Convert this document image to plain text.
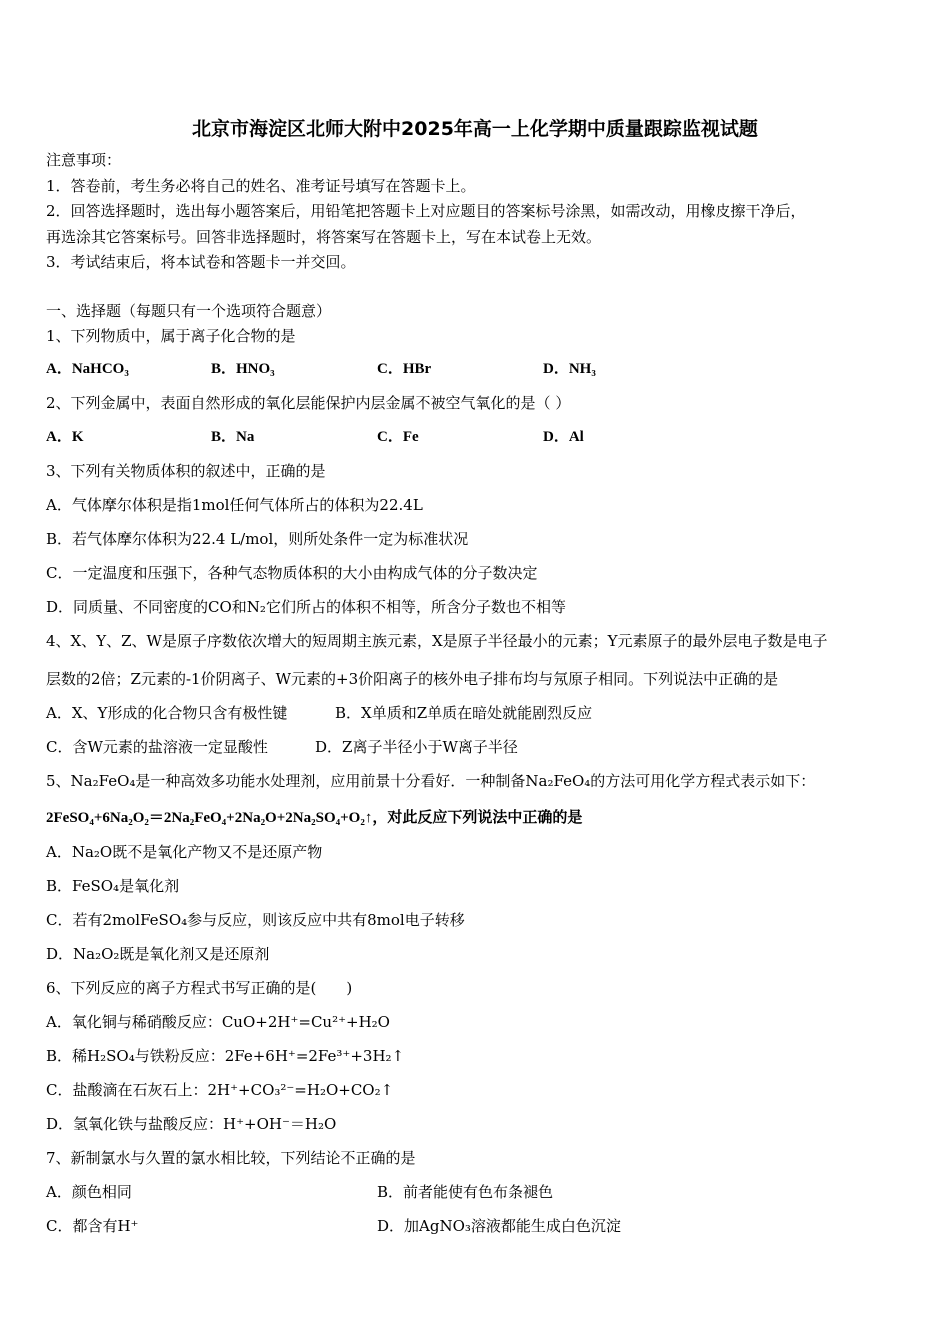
北京市海淀区北师大附中2025年高一上化学期中质量跟踪监视试题
注意事项：
1．答卷前，考生务必将自己的姓名、准考证号填写在答题卡上。
2．回答选择题时，选出每小题答案后，用铅笔把答题卡上对应题目的答案标号涂黑，如需改动，用橡皮擦干净后，
再选涂其它答案标号。回答非选择题时，将答案写在答题卡上，写在本试卷上无效。
3．考试结束后，将本试卷和答题卡一并交回。
一、选择题（每题只有一个选项符合题意）
1、下列物质中，属于离子化合物的是
A．NaHCO₃	B．HNO₃	C．HBr	D．NH₃
2、下列金属中，表面自然形成的氧化层能保护内层金属不被空气氧化的是（ ）
A．K	B．Na	C．Fe	D．Al
3、下列有关物质体积的叙述中，正确的是
A．气体摩尔体积是指1mol任何气体所占的体积为22.4L
B．若气体摩尔体积为22.4 L/mol，则所处条件一定为标准状况
C．一定温度和压强下，各种气态物质体积的大小由构成气体的分子数决定
D．同质量、不同密度的CO和N₂它们所占的体积不相等，所含分子数也不相等
4、X、Y、Z、W是原子序数依次增大的短周期主族元素，X是原子半径最小的元素；Y元素原子的最外层电子数是电子
层数的2倍；Z元素的-1价阴离子、W元素的+3价阳离子的核外电子排布均与氖原子相同。下列说法中正确的是
A．X、Y形成的化合物只含有极性键	B．X单质和Z单质在暗处就能剧烈反应
C．含W元素的盐溶液一定显酸性	D．Z离子半径小于W离子半径
5、Na₂FeO₄是一种高效多功能水处理剂，应用前景十分看好．一种制备Na₂FeO₄的方法可用化学方程式表示如下：
2FeSO₄+6Na₂O₂＝2Na₂FeO₄+2Na₂O+2Na₂SO₄+O₂↑，对此反应下列说法中正确的是
A．Na₂O既不是氧化产物又不是还原产物
B．FeSO₄是氧化剂
C．若有2molFeSO₄参与反应，则该反应中共有8mol电子转移
D．Na₂O₂既是氧化剂又是还原剂
6、下列反应的离子方程式书写正确的是(　　)
A．氧化铜与稀硝酸反应：CuO+2H⁺=Cu²⁺+H₂O
B．稀H₂SO₄与铁粉反应：2Fe+6H⁺=2Fe³⁺+3H₂↑
C．盐酸滴在石灰石上：2H⁺+CO₃²⁻=H₂O+CO₂↑
D．氢氧化铁与盐酸反应：H⁺+OH⁻＝H₂O
7、新制氯水与久置的氯水相比较，下列结论不正确的是
A．颜色相同	B．前者能使有色布条褪色
C．都含有H⁺	D．加AgNO₃溶液都能生成白色沉淀
